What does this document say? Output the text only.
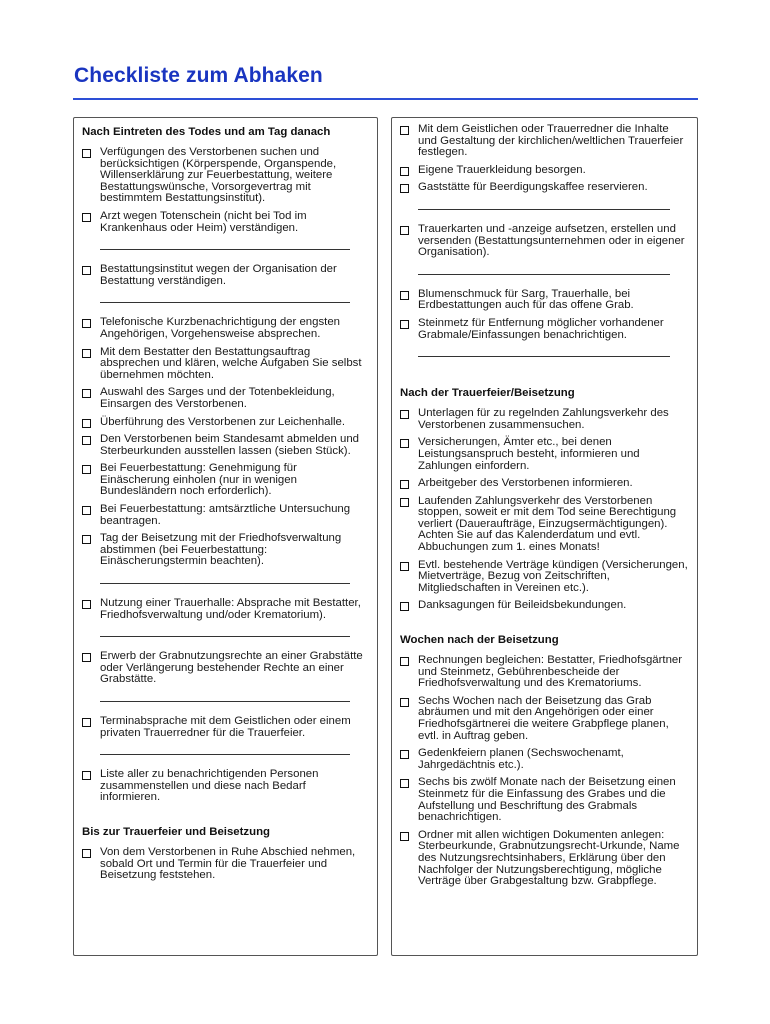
Checkliste zum Abhaken
Nach Eintreten des Todes und am Tag danach
Verfügungen des Verstorbenen suchen und berücksichtigen (Körperspende, Organspende, Willenserklärung zur Feuerbestattung, weitere Bestattungswünsche, Vorsorgevertrag mit bestimmtem Bestattungsinstitut).
Arzt wegen Totenschein (nicht bei Tod im Krankenhaus oder Heim) verständigen.
Bestattungsinstitut wegen der Organisation der Bestattung verständigen.
Telefonische Kurzbenachrichtigung der engsten Angehörigen, Vorgehensweise absprechen.
Mit dem Bestatter den Bestattungsauftrag absprechen und klären, welche Aufgaben Sie selbst übernehmen möchten.
Auswahl des Sarges und der Totenbekleidung, Einsargen des Verstorbenen.
Überführung des Verstorbenen zur Leichenhalle.
Den Verstorbenen beim Standesamt abmelden und Sterbeurkunden ausstellen lassen (sieben Stück).
Bei Feuerbestattung: Genehmigung für Einäscherung einholen (nur in wenigen Bundesländern noch erforderlich).
Bei Feuerbestattung: amtsärztliche Untersuchung beantragen.
Tag der Beisetzung mit der Friedhofsverwaltung abstimmen (bei Feuerbestattung: Einäscherungstermin beachten).
Nutzung einer Trauerhalle: Absprache mit Bestatter, Friedhofsverwaltung und/oder Krematorium).
Erwerb der Grabnutzungsrechte an einer Grabstätte oder Verlängerung bestehender Rechte an einer Grabstätte.
Terminabsprache mit dem Geistlichen oder einem privaten Trauerredner für die Trauerfeier.
Liste aller zu benachrichtigenden Personen zusammenstellen und diese nach Bedarf informieren.
Bis zur Trauerfeier und Beisetzung
Von dem Verstorbenen in Ruhe Abschied nehmen, sobald Ort und Termin für die Trauerfeier und Beisetzung feststehen.
Mit dem Geistlichen oder Trauerredner die Inhalte und Gestaltung der kirchlichen/weltlichen Trauerfeier festlegen.
Eigene Trauerkleidung besorgen.
Gaststätte für Beerdigungskaffee reservieren.
Trauerkarten und -anzeige aufsetzen, erstellen und versenden (Bestattungsunternehmen oder in eigener Organisation).
Blumenschmuck für Sarg, Trauerhalle, bei Erdbestattungen auch für das offene Grab.
Steinmetz für Entfernung möglicher vorhandener Grabmale/Einfassungen benachrichtigen.
Nach der Trauerfeier/Beisetzung
Unterlagen für zu regelnden Zahlungsverkehr des Verstorbenen zusammensuchen.
Versicherungen, Ämter etc., bei denen Leistungsanspruch besteht, informieren und Zahlungen einfordern.
Arbeitgeber des Verstorbenen informieren.
Laufenden Zahlungsverkehr des Verstorbenen stoppen, soweit er mit dem Tod seine Berechtigung verliert (Daueraufträge, Einzugsermächtigungen). Achten Sie auf das Kalenderdatum und evtl. Abbuchungen zum 1. eines Monats!
Evtl. bestehende Verträge kündigen (Versicherungen, Mietverträge, Bezug von Zeitschriften, Mitgliedschaften in Vereinen etc.).
Danksagungen für Beileidsbekundungen.
Wochen nach der Beisetzung
Rechnungen begleichen: Bestatter, Friedhofsgärtner und Steinmetz, Gebührenbescheide der Friedhofsverwaltung und des Krematoriums.
Sechs Wochen nach der Beisetzung das Grab abräumen und mit den Angehörigen oder einer Friedhofsgärtnerei die weitere Grabpflege planen, evtl. in Auftrag geben.
Gedenkfeiern planen (Sechswochenamt, Jahrgedächtnis etc.).
Sechs bis zwölf Monate nach der Beisetzung einen Steinmetz für die Einfassung des Grabes und die Aufstellung und Beschriftung des Grabmals benachrichtigen.
Ordner mit allen wichtigen Dokumenten anlegen: Sterbeurkunde, Grabnutzungsrecht-Urkunde, Name des Nutzungsrechtsinhabers, Erklärung über den Nachfolger der Nutzungsberechtigung, mögliche Verträge über Grabgestaltung bzw. Grabpflege.
